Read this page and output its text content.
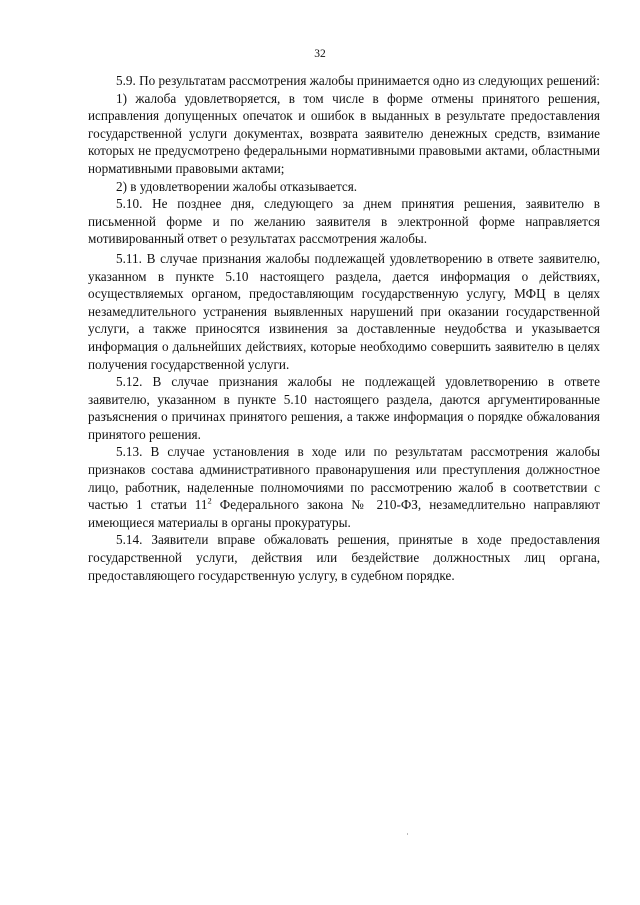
32

5.9. По результатам рассмотрения жалобы принимается одно из следующих решений:

1) жалоба удовлетворяется, в том числе в форме отмены принятого решения, исправления допущенных опечаток и ошибок в выданных в результате предоставления государственной услуги документах, возврата заявителю денежных средств, взимание которых не предусмотрено федеральными нормативными правовыми актами, областными нормативными правовыми актами;

2) в удовлетворении жалобы отказывается.

5.10. Не позднее дня, следующего за днем принятия решения, заявителю в письменной форме и по желанию заявителя в электронной форме направляется мотивированный ответ о результатах рассмотрения жалобы.

5.11. В случае признания жалобы подлежащей удовлетворению в ответе заявителю, указанном в пункте 5.10 настоящего раздела, дается информация о действиях, осуществляемых органом, предоставляющим государственную услугу, МФЦ в целях незамедлительного устранения выявленных нарушений при оказании государственной услуги, а также приносятся извинения за доставленные неудобства и указывается информация о дальнейших действиях, которые необходимо совершить заявителю в целях получения государственной услуги.

5.12. В случае признания жалобы не подлежащей удовлетворению в ответе заявителю, указанном в пункте 5.10 настоящего раздела, даются аргументированные разъяснения о причинах принятого решения, а также информация о порядке обжалования принятого решения.

5.13. В случае установления в ходе или по результатам рассмотрения жалобы признаков состава административного правонарушения или преступления должностное лицо, работник, наделенные полномочиями по рассмотрению жалоб в соответствии с частью 1 статьи $11^2$ Федерального закона № 210-ФЗ, незамедлительно направляют имеющиеся материалы в органы прокуратуры.

5.14. Заявители вправе обжаловать решения, принятые в ходе предоставления государственной услуги, действия или бездействие должностных лиц органа, предоставляющего государственную услугу, в судебном порядке.
